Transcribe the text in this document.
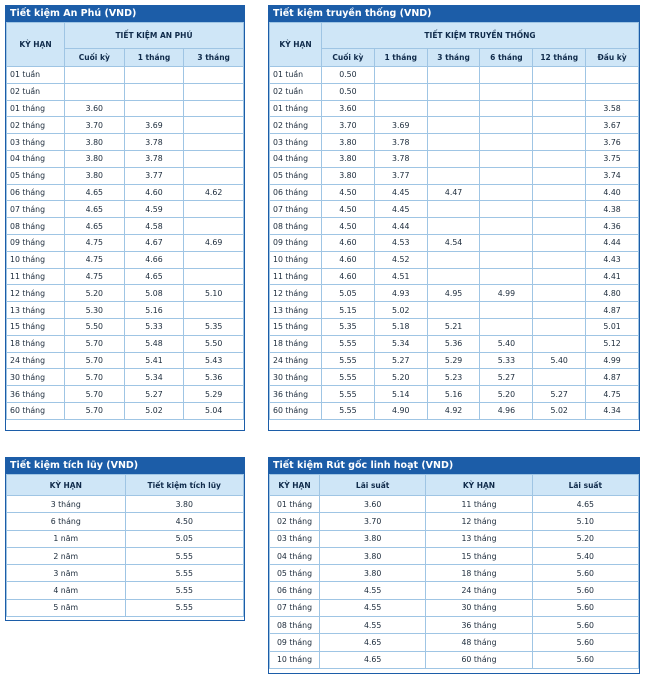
Tiết kiệm An Phú (VND)
KỲ HẠN	TIẾT KIỆM AN PHÚ		
	Cuối kỳ	1 tháng	3 tháng
01 tuần			
02 tuần			
01 tháng	3.60		
02 tháng	3.70	3.69	
03 tháng	3.80	3.78	
04 tháng	3.80	3.78	
05 tháng	3.80	3.77	
06 tháng	4.65	4.60	4.62
07 tháng	4.65	4.59	
08 tháng	4.65	4.58	
09 tháng	4.75	4.67	4.69
10 tháng	4.75	4.66	
11 tháng	4.75	4.65	
12 tháng	5.20	5.08	5.10
13 tháng	5.30	5.16	
15 tháng	5.50	5.33	5.35
18 tháng	5.70	5.48	5.50
24 tháng	5.70	5.41	5.43
30 tháng	5.70	5.34	5.36
36 tháng	5.70	5.27	5.29
60 tháng	5.70	5.02	5.04
Tiết kiệm truyền thống (VND)
KỲ HẠN	TIẾT KIỆM TRUYỀN THỐNG					
	Cuối kỳ	1 tháng	3 tháng	6 tháng	12 tháng	Đầu kỳ
01 tuần	0.50					
02 tuần	0.50					
01 tháng	3.60					3.58
02 tháng	3.70	3.69				3.67
03 tháng	3.80	3.78				3.76
04 tháng	3.80	3.78				3.75
05 tháng	3.80	3.77				3.74
06 tháng	4.50	4.45	4.47			4.40
07 tháng	4.50	4.45				4.38
08 tháng	4.50	4.44				4.36
09 tháng	4.60	4.53	4.54			4.44
10 tháng	4.60	4.52				4.43
11 tháng	4.60	4.51				4.41
12 tháng	5.05	4.93	4.95	4.99		4.80
13 tháng	5.15	5.02				4.87
15 tháng	5.35	5.18	5.21			5.01
18 tháng	5.55	5.34	5.36	5.40		5.12
24 tháng	5.55	5.27	5.29	5.33	5.40	4.99
30 tháng	5.55	5.20	5.23	5.27		4.87
36 tháng	5.55	5.14	5.16	5.20	5.27	4.75
60 tháng	5.55	4.90	4.92	4.96	5.02	4.34
Tiết kiệm tích lũy (VND)
KỲ HẠN	Tiết kiệm tích lũy
3 tháng	3.80
6 tháng	4.50
1 năm	5.05
2 năm	5.55
3 năm	5.55
4 năm	5.55
5 năm	5.55
Tiết kiệm Rút gốc linh hoạt (VND)
KỲ HẠN	Lãi suất	KỲ HẠN	Lãi suất
01 tháng	3.60	11 tháng	4.65
02 tháng	3.70	12 tháng	5.10
03 tháng	3.80	13 tháng	5.20
04 tháng	3.80	15 tháng	5.40
05 tháng	3.80	18 tháng	5.60
06 tháng	4.55	24 tháng	5.60
07 tháng	4.55	30 tháng	5.60
08 tháng	4.55	36 tháng	5.60
09 tháng	4.65	48 tháng	5.60
10 tháng	4.65	60 tháng	5.60
